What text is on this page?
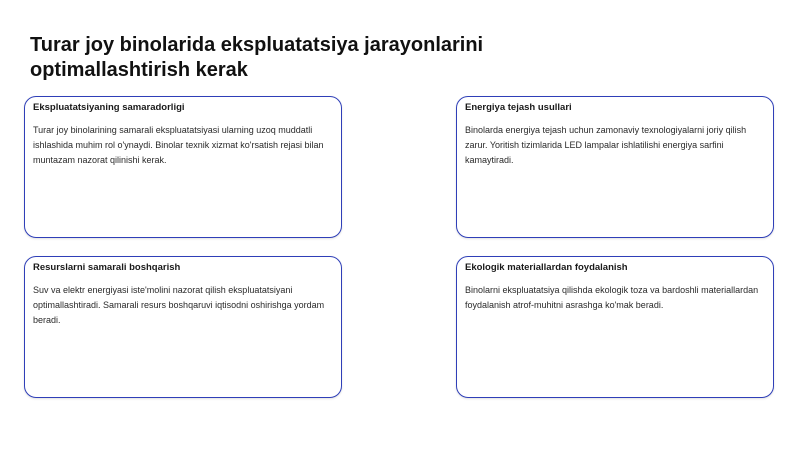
Turar joy binolarida ekspluatatsiya jarayonlarini
optimallashtirish kerak
Ekspluatatsiyaning samaradorligi
Turar joy binolarining samarali ekspluatatsiyasi ularning uzoq muddatli ishlashida muhim rol o'ynaydi. Binolar texnik xizmat ko'rsatish rejasi bilan muntazam nazorat qilinishi kerak.
Energiya tejash usullari
Binolarda energiya tejash uchun zamonaviy texnologiyalarni joriy qilish zarur. Yoritish tizimlarida LED lampalar ishlatilishi energiya sarfini kamaytiradi.
Resurslarni samarali boshqarish
Suv va elektr energiyasi iste'molini nazorat qilish ekspluatatsiyani optimallashtiradi. Samarali resurs boshqaruvi iqtisodni oshirishga yordam beradi.
Ekologik materiallardan foydalanish
Binolarni ekspluatatsiya qilishda ekologik toza va bardoshli materiallardan foydalanish atrof-muhitni asrashga ko'mak beradi.
